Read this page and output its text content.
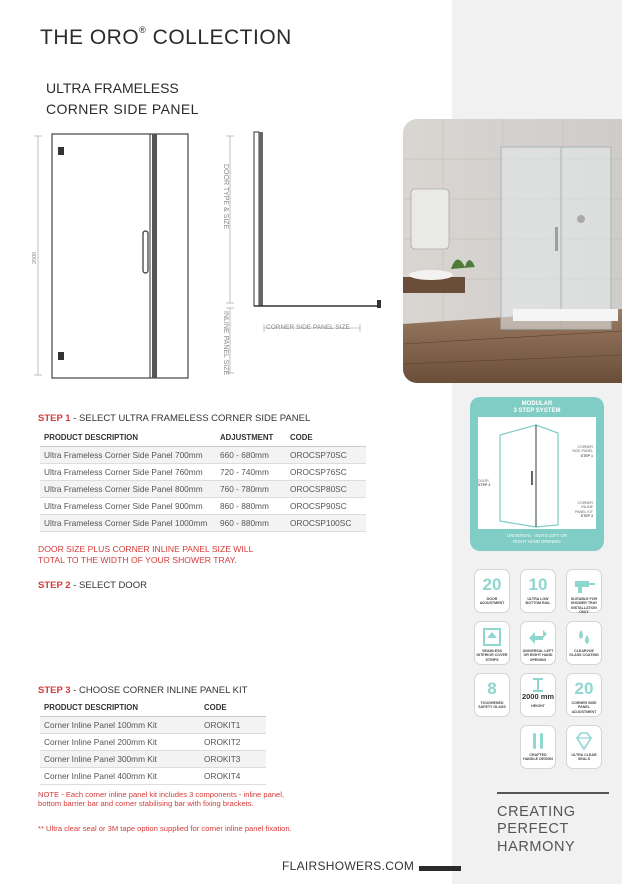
THE ORO® COLLECTION
ULTRA FRAMELESS
CORNER SIDE PANEL
2000
DOOR TYPE & SIZE
INLINE PANEL SIZE	CORNER SIDE PANEL SIZE
STEP 1 - SELECT ULTRA FRAMELESS CORNER SIDE PANEL
PRODUCT DESCRIPTION	ADJUSTMENT	CODE
Ultra Frameless Corner Side Panel 700mm	660 - 680mm	OROCSP70SC
Ultra Frameless Corner Side Panel 760mm	720 - 740mm	OROCSP76SC
Ultra Frameless Corner Side Panel 800mm	760 - 780mm	OROCSP80SC
Ultra Frameless Corner Side Panel 900mm	860 - 880mm	OROCSP90SC
Ultra Frameless Corner Side Panel 1000mm	960 - 880mm	OROCSP100SC
DOOR SIZE PLUS CORNER INLINE PANEL SIZE WILL
TOTAL TO THE WIDTH OF YOUR SHOWER TRAY.
STEP 2 - SELECT DOOR
STEP 3 - CHOOSE CORNER INLINE PANEL KIT
PRODUCT DESCRIPTION	CODE
Corner Inline Panel 100mm Kit	OROKIT1
Corner Inline Panel 200mm Kit	OROKIT2
Corner Inline Panel 300mm Kit	OROKIT3
Corner Inline Panel 400mm Kit	OROKIT4
NOTE - Each corner inline panel kit includes 3 components - inline panel,
bottom barrier bar and corner stabilising bar with fixing brackets.
** Ultra clear seal or 3M tape option supplied for corner inline panel fixation.
MODULAR
3 STEP SYSTEM
CORNER
SIDE PANEL
STEP 1
DOOR
STEP 2
CORNER
INLINE
PANEL KIT
STEP 3
UNIVERSAL - SUITS LEFT OR
RIGHT HAND OPENING
20
DOOR ADJUSTMENT
10
ULTRA LOW BOTTOM RAIL
SUITABLE FOR SHOWER TRAY INSTALLATION ONLY
SEAMLESS INTERIOR COVER STRIPS
UNIVERSAL LEFT OR RIGHT HAND OPENING
CLEARVUE GLASS COATING
8
TOUGHENED SAFETY GLASS
2000 mm
HEIGHT
20
CORNER SIDE PANEL ADJUSTMENT
CRAFTED HANDLE DESIGN
ULTRA CLEAR SEALS
CREATING
PERFECT
HARMONY
FLAIRSHOWERS.COM
